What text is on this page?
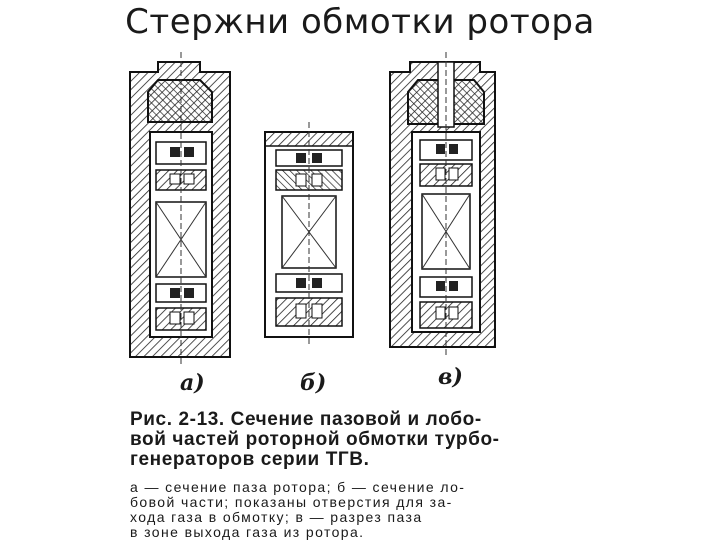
Стержни обмотки ротора
а)	б)	в)
Рис. 2-13. Сечение пазовой и лобо-
вой частей роторной обмотки турбо-
генераторов серии ТГВ.
а — сечение паза ротора; б — сечение ло-
бовой части; показаны отверстия для за-
хода газа в обмотку; в — разрез паза
в зоне выхода газа из ротора.
